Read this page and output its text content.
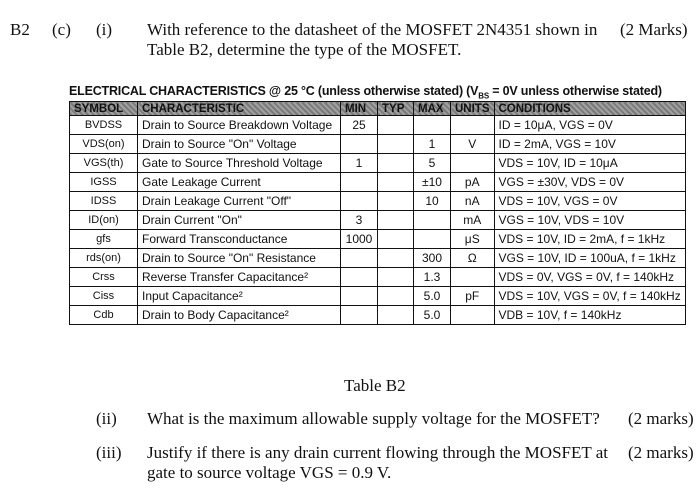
B2 (c) (i) With reference to the datasheet of the MOSFET 2N4351 shown in
Table B2, determine the type of the MOSFET.
(2 Marks)
ELECTRICAL CHARACTERISTICS @ 25 °C (unless otherwise stated) ($V_{BS} = 0V$ unless otherwise stated)
SYMBOL	CHARACTERISTIC	MIN	TYP	MAX	UNITS	CONDITIONS
BVDSS	Drain to Source Breakdown Voltage	25				ID = 10μA, VGS = 0V
VDS(on)	Drain to Source "On" Voltage			1	V	ID = 2mA, VGS = 10V
VGS(th)	Gate to Source Threshold Voltage	1		5		VDS = 10V, ID = 10μA
IGSS	Gate Leakage Current			±10	pA	VGS = ±30V, VDS = 0V
IDSS	Drain Leakage Current "Off"			10	nA	VDS = 10V, VGS = 0V
ID(on)	Drain Current "On"	3			mA	VGS = 10V, VDS = 10V
gfs	Forward Transconductance	1000			μS	VDS = 10V, ID = 2mA, f = 1kHz
rds(on)	Drain to Source "On" Resistance			300	Ω	VGS = 10V, ID = 100uA, f = 1kHz
Crss	Reverse Transfer Capacitance²			1.3		VDS = 0V, VGS = 0V, f = 140kHz
Ciss	Input Capacitance²			5.0	pF	VDS = 10V, VGS = 0V, f = 140kHz
Cdb	Drain to Body Capacitance²			5.0		VDB = 10V, f = 140kHz
Table B2
(ii) What is the maximum allowable supply voltage for the MOSFET? (2 marks)
(iii) Justify if there is any drain current flowing through the MOSFET at
gate to source voltage VGS = 0.9 V.
(2 marks)
